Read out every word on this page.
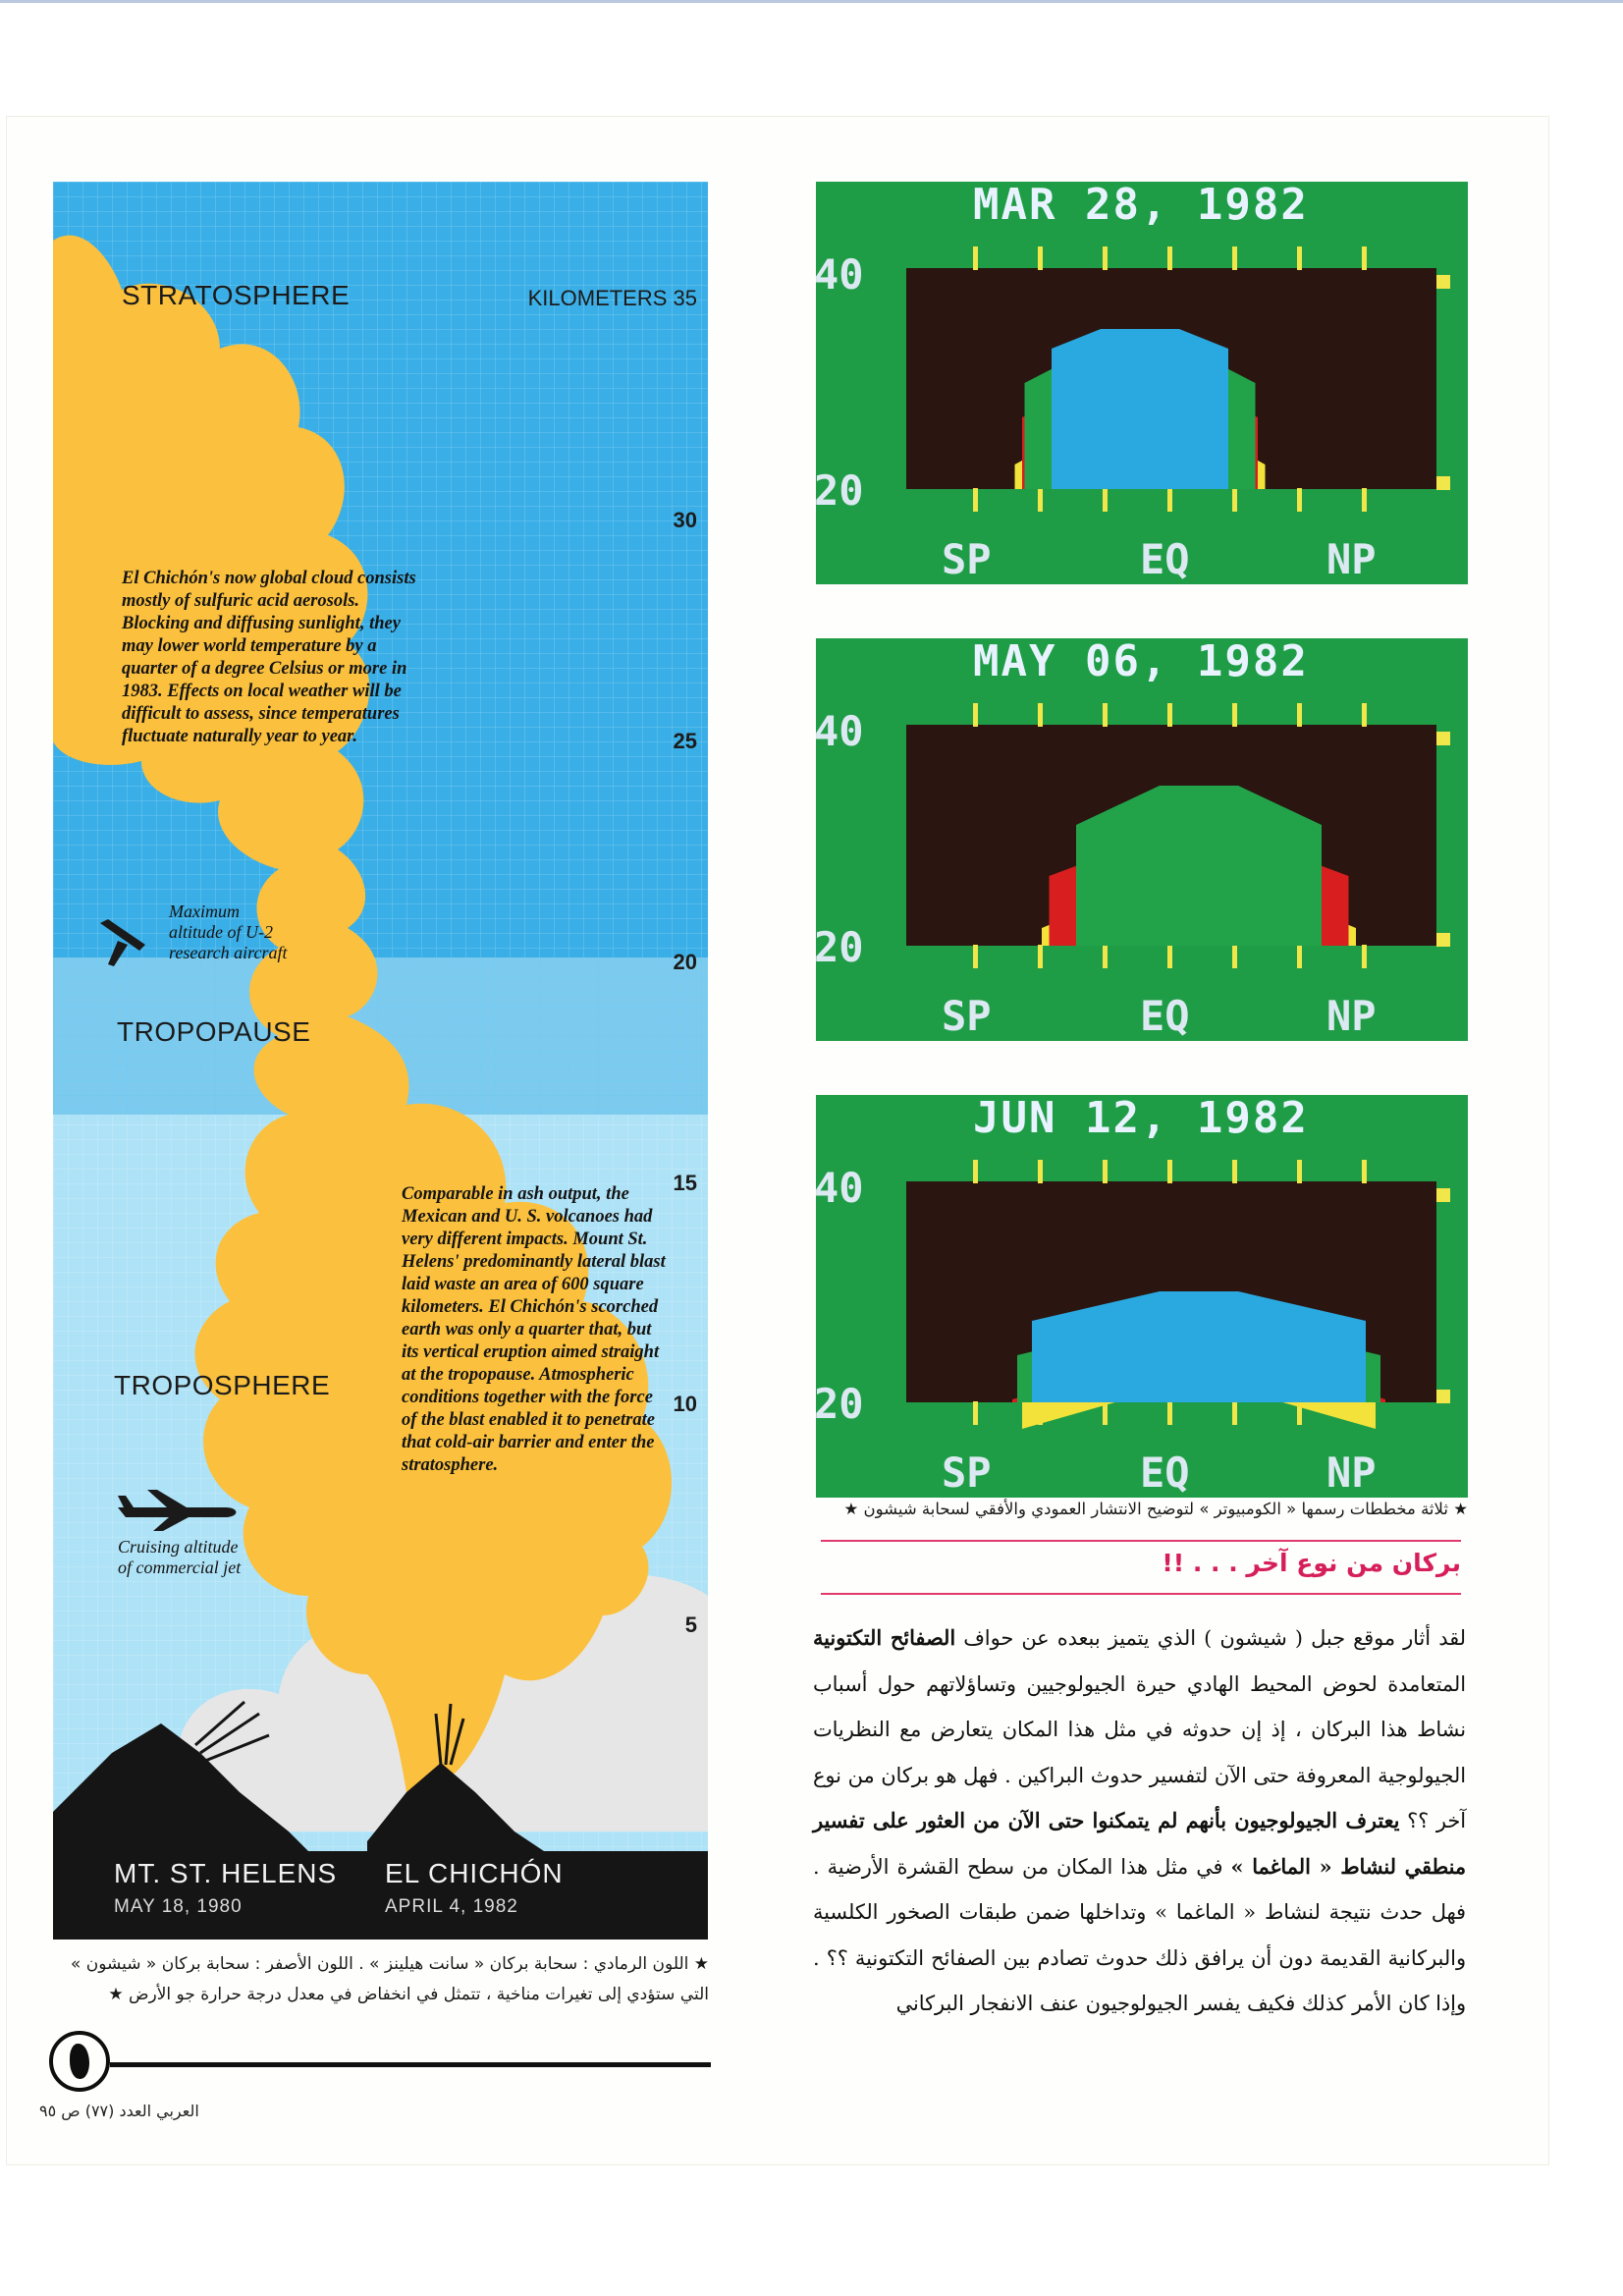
STRATOSPHERE
TROPOPAUSE
TROPOSPHERE
KILOMETERS 35
30
25
20
15
10
5
El Chichón's now global cloud consists mostly of sulfuric acid aerosols. Blocking and diffusing sunlight, they may lower world temperature by a quarter of a degree Celsius or more in 1983. Effects on local weather will be difficult to assess, since temperatures fluctuate naturally year to year.
Comparable in ash output, the Mexican and U. S. volcanoes had very different impacts. Mount St. Helens' predominantly lateral blast laid waste an area of 600 square kilometers. El Chichón's scorched earth was only a quarter that, but its vertical eruption aimed straight at the tropopause. Atmospheric conditions together with the force of the blast enabled it to penetrate that cold-air barrier and enter the stratosphere.
Maximum
altitude of U-2
research aircraft
Cruising altitude
of commercial jet
MT. ST. HELENS
MAY 18, 1980
EL CHICHÓN
APRIL 4, 1982
★ اللون الرمادي : سحابة بركان « سانت هيلينز » . اللون الأصفر : سحابة بركان « شيشون » التي ستؤدي إلى تغيرات مناخية ، تتمثل في انخفاض في معدل درجة حرارة جو الأرض ★
العربي العدد (٧٧) ص ٩٥
MAR 28, 1982
40
20
SP	EQ	NP
MAY 06, 1982
40
20
SP	EQ	NP
JUN 12, 1982
40
20
SP	EQ	NP
★ ثلاثة مخططات رسمها « الكومبيوتر » لتوضيح الانتشار العمودي والأفقي لسحابة شيشون ★
بركان من نوع آخر . . . !!
لقد أثار موقع جبل ( شيشون ) الذي يتميز ببعده عن حواف الصفائح التكتونية المتعامدة لحوض المحيط الهادي حيرة الجيولوجيين وتساؤلاتهم حول أسباب نشاط هذا البركان ، إذ إن حدوثه في مثل هذا المكان يتعارض مع النظريات الجيولوجية المعروفة حتى الآن لتفسير حدوث البراكين . فهل هو بركان من نوع آخر ؟؟ يعترف الجيولوجيون بأنهم لم يتمكنوا حتى الآن من العثور على تفسير منطقي لنشاط « الماغما » في مثل هذا المكان من سطح القشرة الأرضية . فهل حدث نتيجة لنشاط « الماغما » وتداخلها ضمن طبقات الصخور الكلسية والبركانية القديمة دون أن يرافق ذلك حدوث تصادم بين الصفائح التكتونية ؟؟ . وإذا كان الأمر كذلك فكيف يفسر الجيولوجيون عنف الانفجار البركاني
